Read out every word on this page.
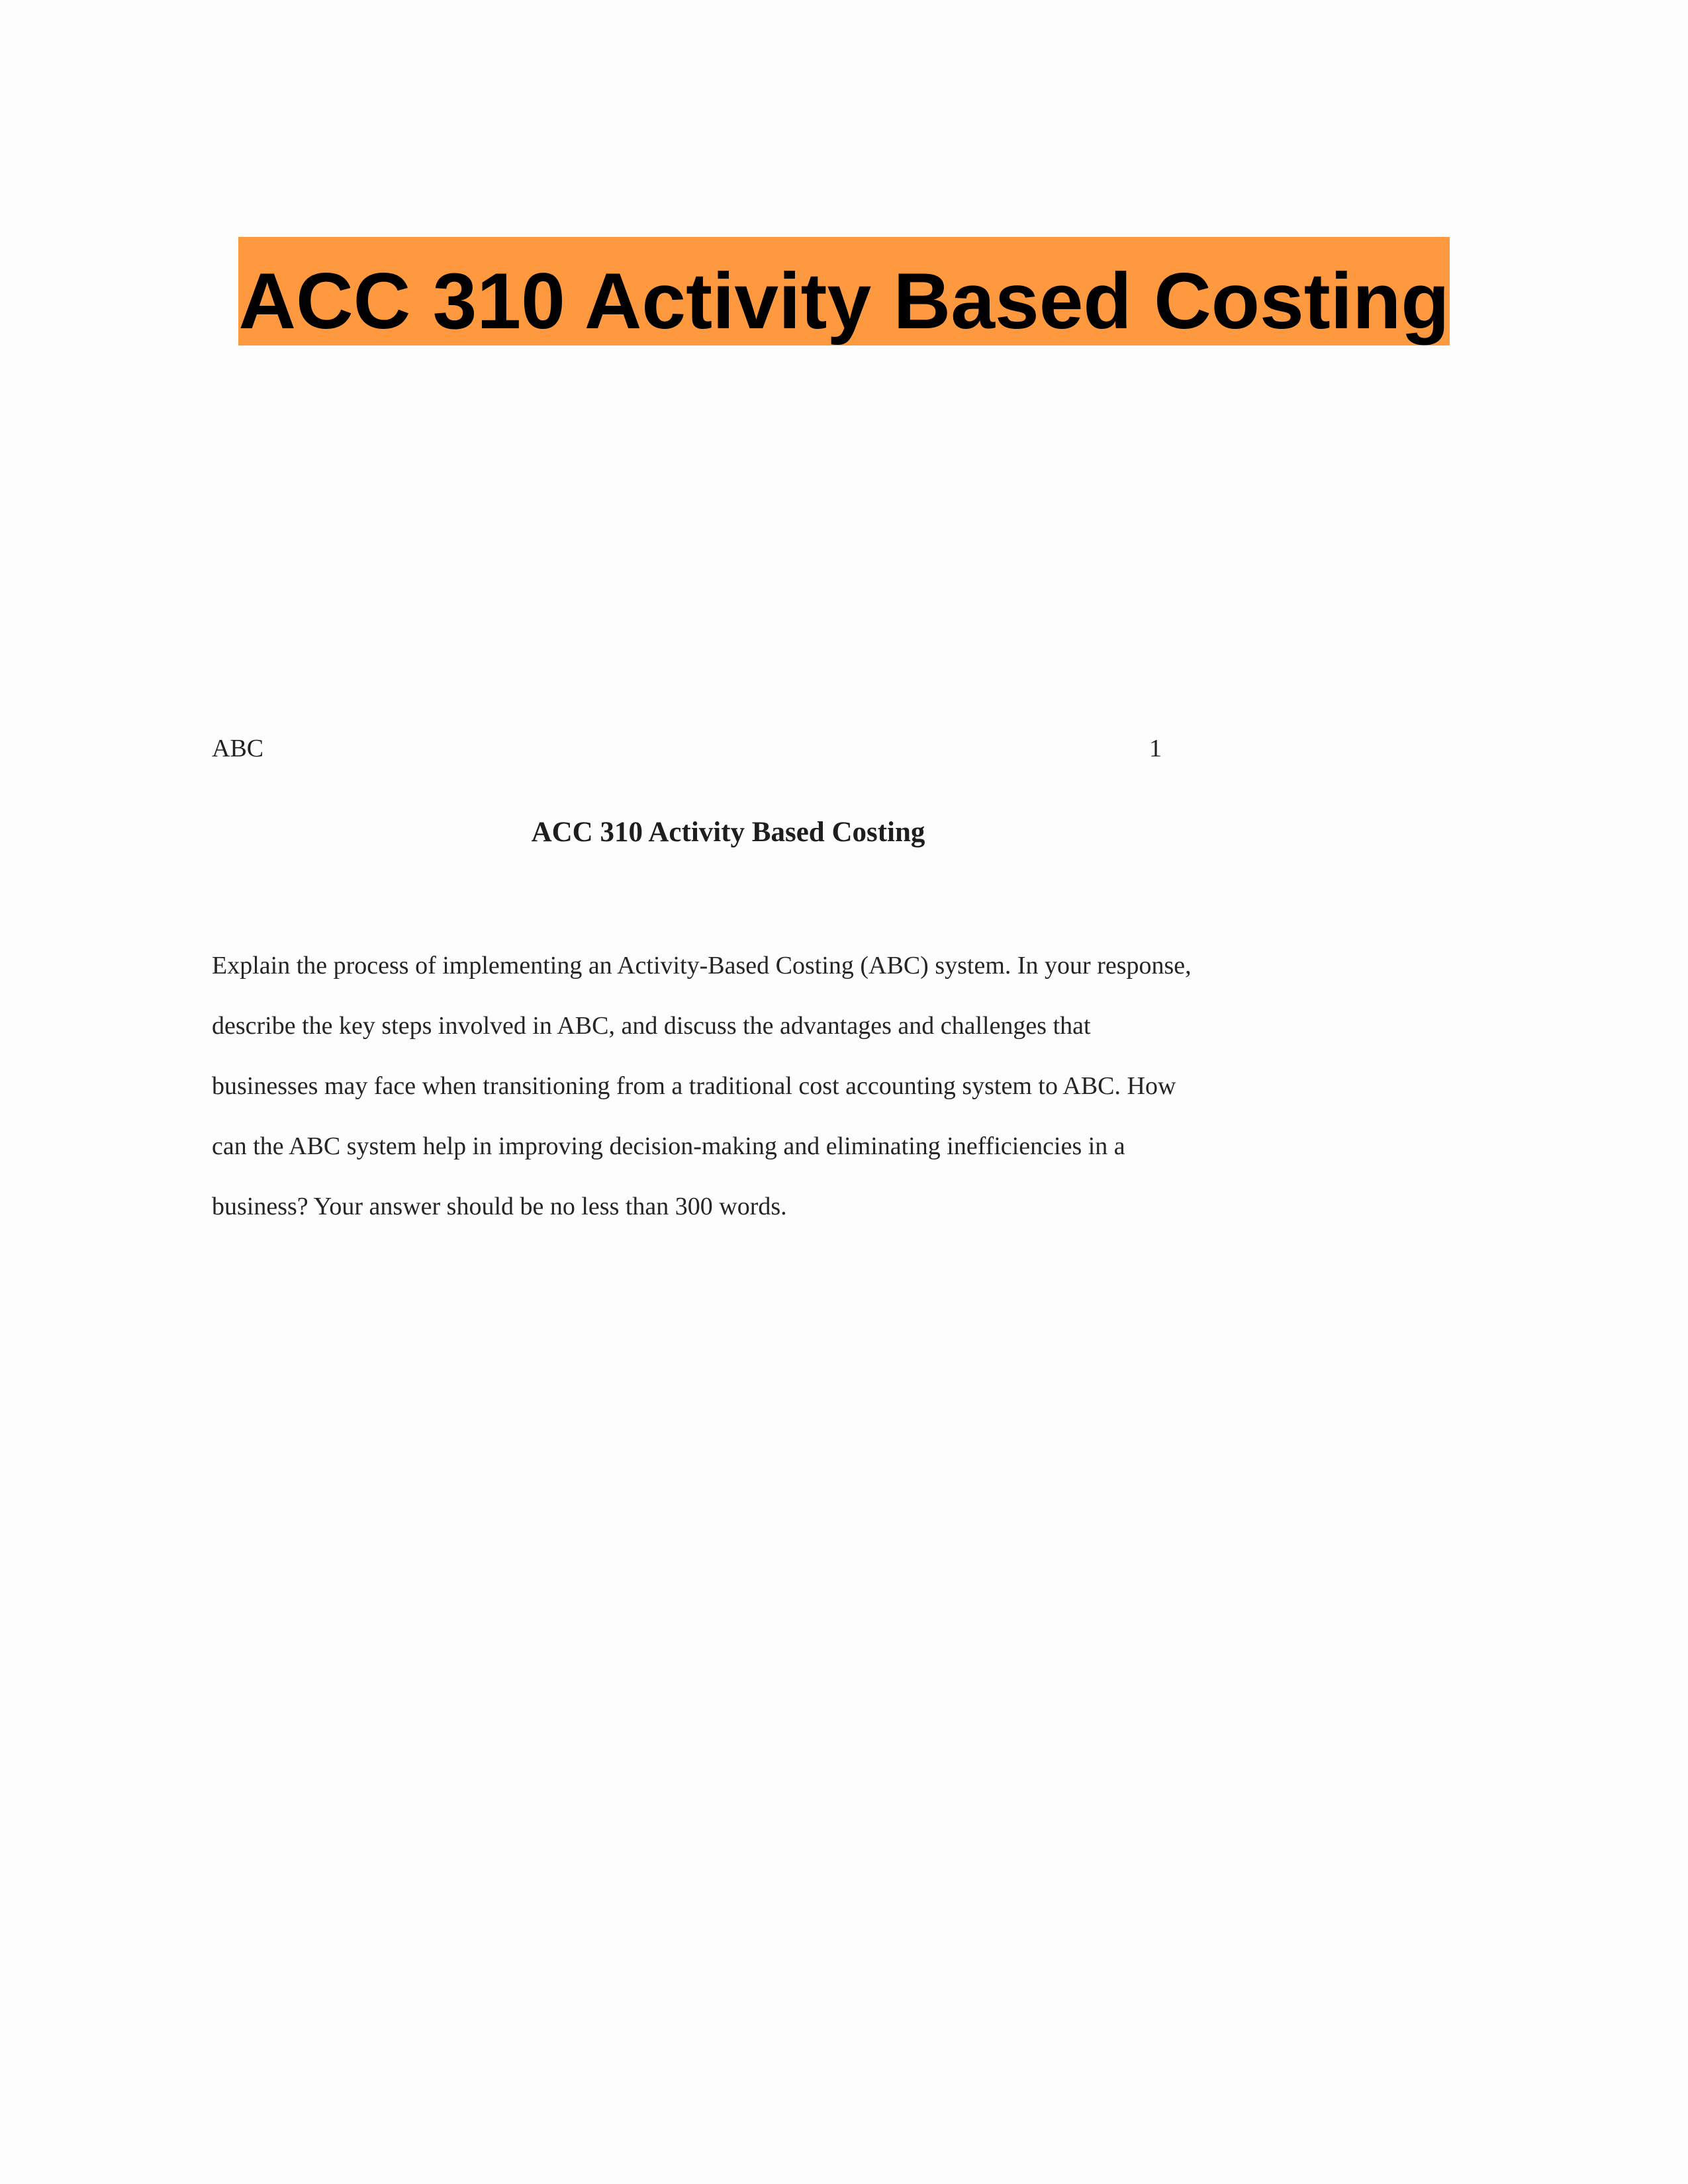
ACC 310 Activity Based Costing
ABC	1
ACC 310 Activity Based Costing
Explain the process of implementing an Activity-Based Costing (ABC) system. In your response,
describe the key steps involved in ABC, and discuss the advantages and challenges that
businesses may face when transitioning from a traditional cost accounting system to ABC. How
can the ABC system help in improving decision-making and eliminating inefficiencies in a
business? Your answer should be no less than 300 words.
